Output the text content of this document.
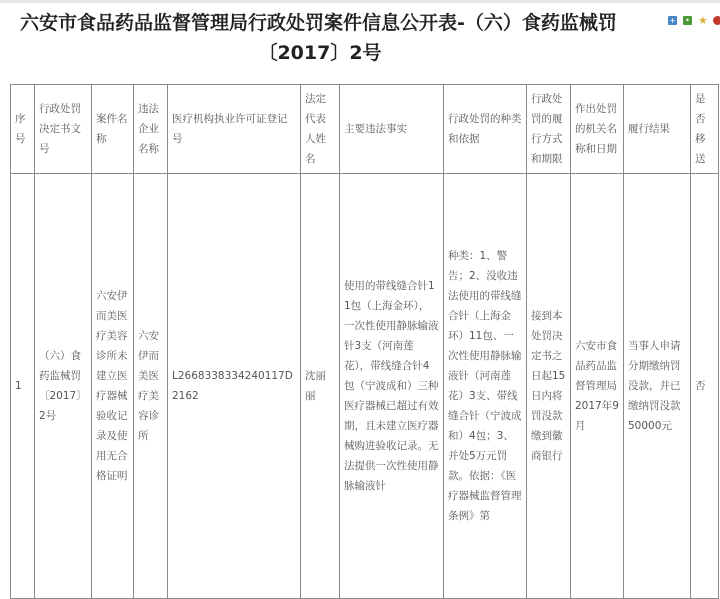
六安市食品药品监督管理局行政处罚案件信息公开表-（六）食药监械罚
〔2017〕2号
+ • ★
序号	行政处罚决定书文号	案件名称	违法企业名称	医疗机构执业许可证登记号	法定代表人姓名	主要违法事实	行政处罚的种类和依据	行政处罚的履行方式和期限	作出处罚的机关名称和日期	履行结果	是否移送
1	（六）食药监械罚〔2017〕2号	六安伊而美医疗美容诊所未建立医疗器械验收记录及使用无合格证明	六安伊而美医疗美容诊所	L2668338334240117D2162	沈丽丽	使用的带线缝合针11包（上海金环），一次性使用静脉输液针3支（河南莲花），带线缝合针4包（宁波成和）三种医疗器械已超过有效期，且未建立医疗器械购进验收记录。无法提供一次性使用静脉输液针	种类：1、警告；2、没收违法使用的带线缝合针（上海金环）11包、一次性使用静脉输液针（河南莲花）3支、带线缝合针（宁波成和）4包；3、并处5万元罚款。依据：《医疗器械监督管理条例》第	接到本处罚决定书之日起15日内将罚没款缴到徽商银行	六安市食品药品监督管理局2017年9月	当事人申请分期缴纳罚没款，并已缴纳罚没款50000元	否
